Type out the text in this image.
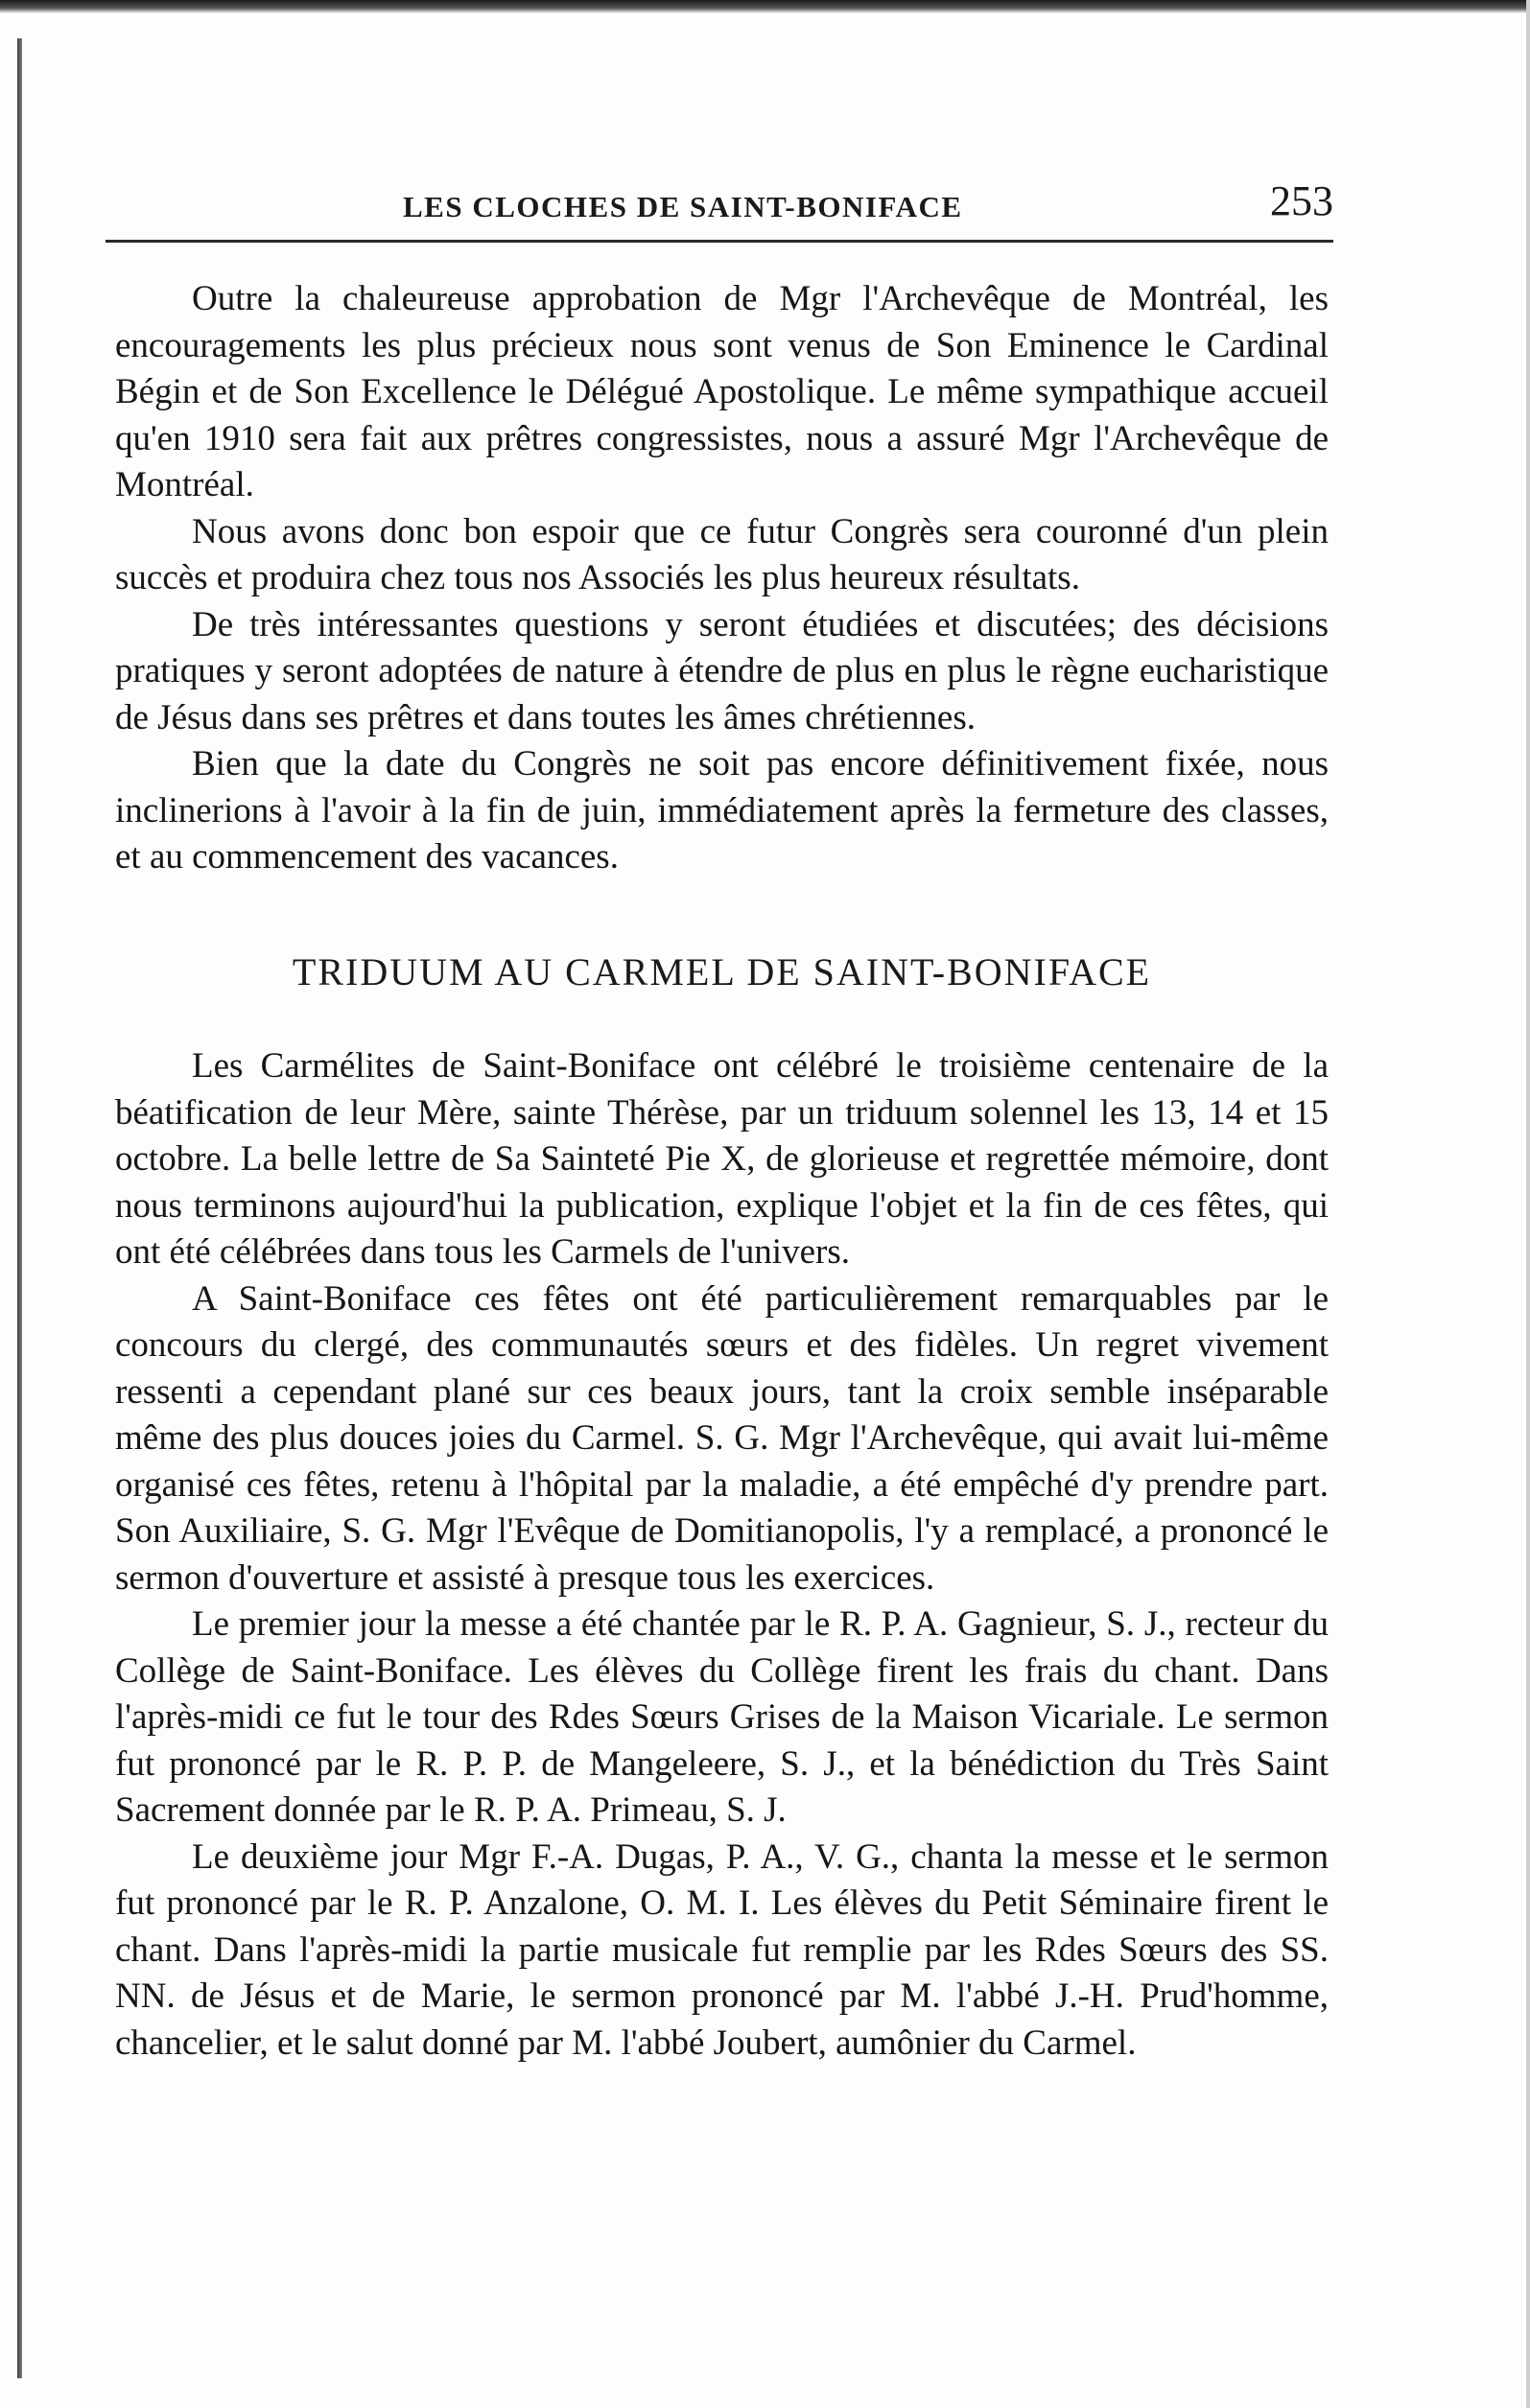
LES CLOCHES DE SAINT-BONIFACE	253

Outre la chaleureuse approbation de Mgr l'Archevêque de Montréal, les encouragements les plus précieux nous sont venus de Son Eminence le Cardinal Bégin et de Son Excellence le Délégué Apostolique. Le même sympathique accueil qu'en 1910 sera fait aux prêtres congressistes, nous a assuré Mgr l'Archevêque de Montréal.

Nous avons donc bon espoir que ce futur Congrès sera couronné d'un plein succès et produira chez tous nos Associés les plus heureux résultats.

De très intéressantes questions y seront étudiées et discutées; des décisions pratiques y seront adoptées de nature à étendre de plus en plus le règne eucharistique de Jésus dans ses prêtres et dans toutes les âmes chrétiennes.

Bien que la date du Congrès ne soit pas encore définitivement fixée, nous inclinerions à l'avoir à la fin de juin, immédiatement après la fermeture des classes, et au commencement des vacances.

TRIDUUM AU CARMEL DE SAINT-BONIFACE

Les Carmélites de Saint-Boniface ont célébré le troisième centenaire de la béatification de leur Mère, sainte Thérèse, par un triduum solennel les 13, 14 et 15 octobre. La belle lettre de Sa Sainteté Pie X, de glorieuse et regrettée mémoire, dont nous terminons aujourd'hui la publication, explique l'objet et la fin de ces fêtes, qui ont été célébrées dans tous les Carmels de l'univers.

A Saint-Boniface ces fêtes ont été particulièrement remarquables par le concours du clergé, des communautés sœurs et des fidèles. Un regret vivement ressenti a cependant plané sur ces beaux jours, tant la croix semble inséparable même des plus douces joies du Carmel. S. G. Mgr l'Archevêque, qui avait lui-même organisé ces fêtes, retenu à l'hôpital par la maladie, a été empêché d'y prendre part. Son Auxiliaire, S. G. Mgr l'Evêque de Domitianopolis, l'y a remplacé, a prononcé le sermon d'ouverture et assisté à presque tous les exercices.

Le premier jour la messe a été chantée par le R. P. A. Gagnieur, S. J., recteur du Collège de Saint-Boniface. Les élèves du Collège firent les frais du chant. Dans l'après-midi ce fut le tour des Rdes Sœurs Grises de la Maison Vicariale. Le sermon fut prononcé par le R. P. P. de Mangeleere, S. J., et la bénédiction du Très Saint Sacrement donnée par le R. P. A. Primeau, S. J.

Le deuxième jour Mgr F.-A. Dugas, P. A., V. G., chanta la messe et le sermon fut prononcé par le R. P. Anzalone, O. M. I. Les élèves du Petit Séminaire firent le chant. Dans l'après-midi la partie musicale fut remplie par les Rdes Sœurs des SS. NN. de Jésus et de Marie, le sermon prononcé par M. l'abbé J.-H. Prud'homme, chancelier, et le salut donné par M. l'abbé Joubert, aumônier du Carmel.
